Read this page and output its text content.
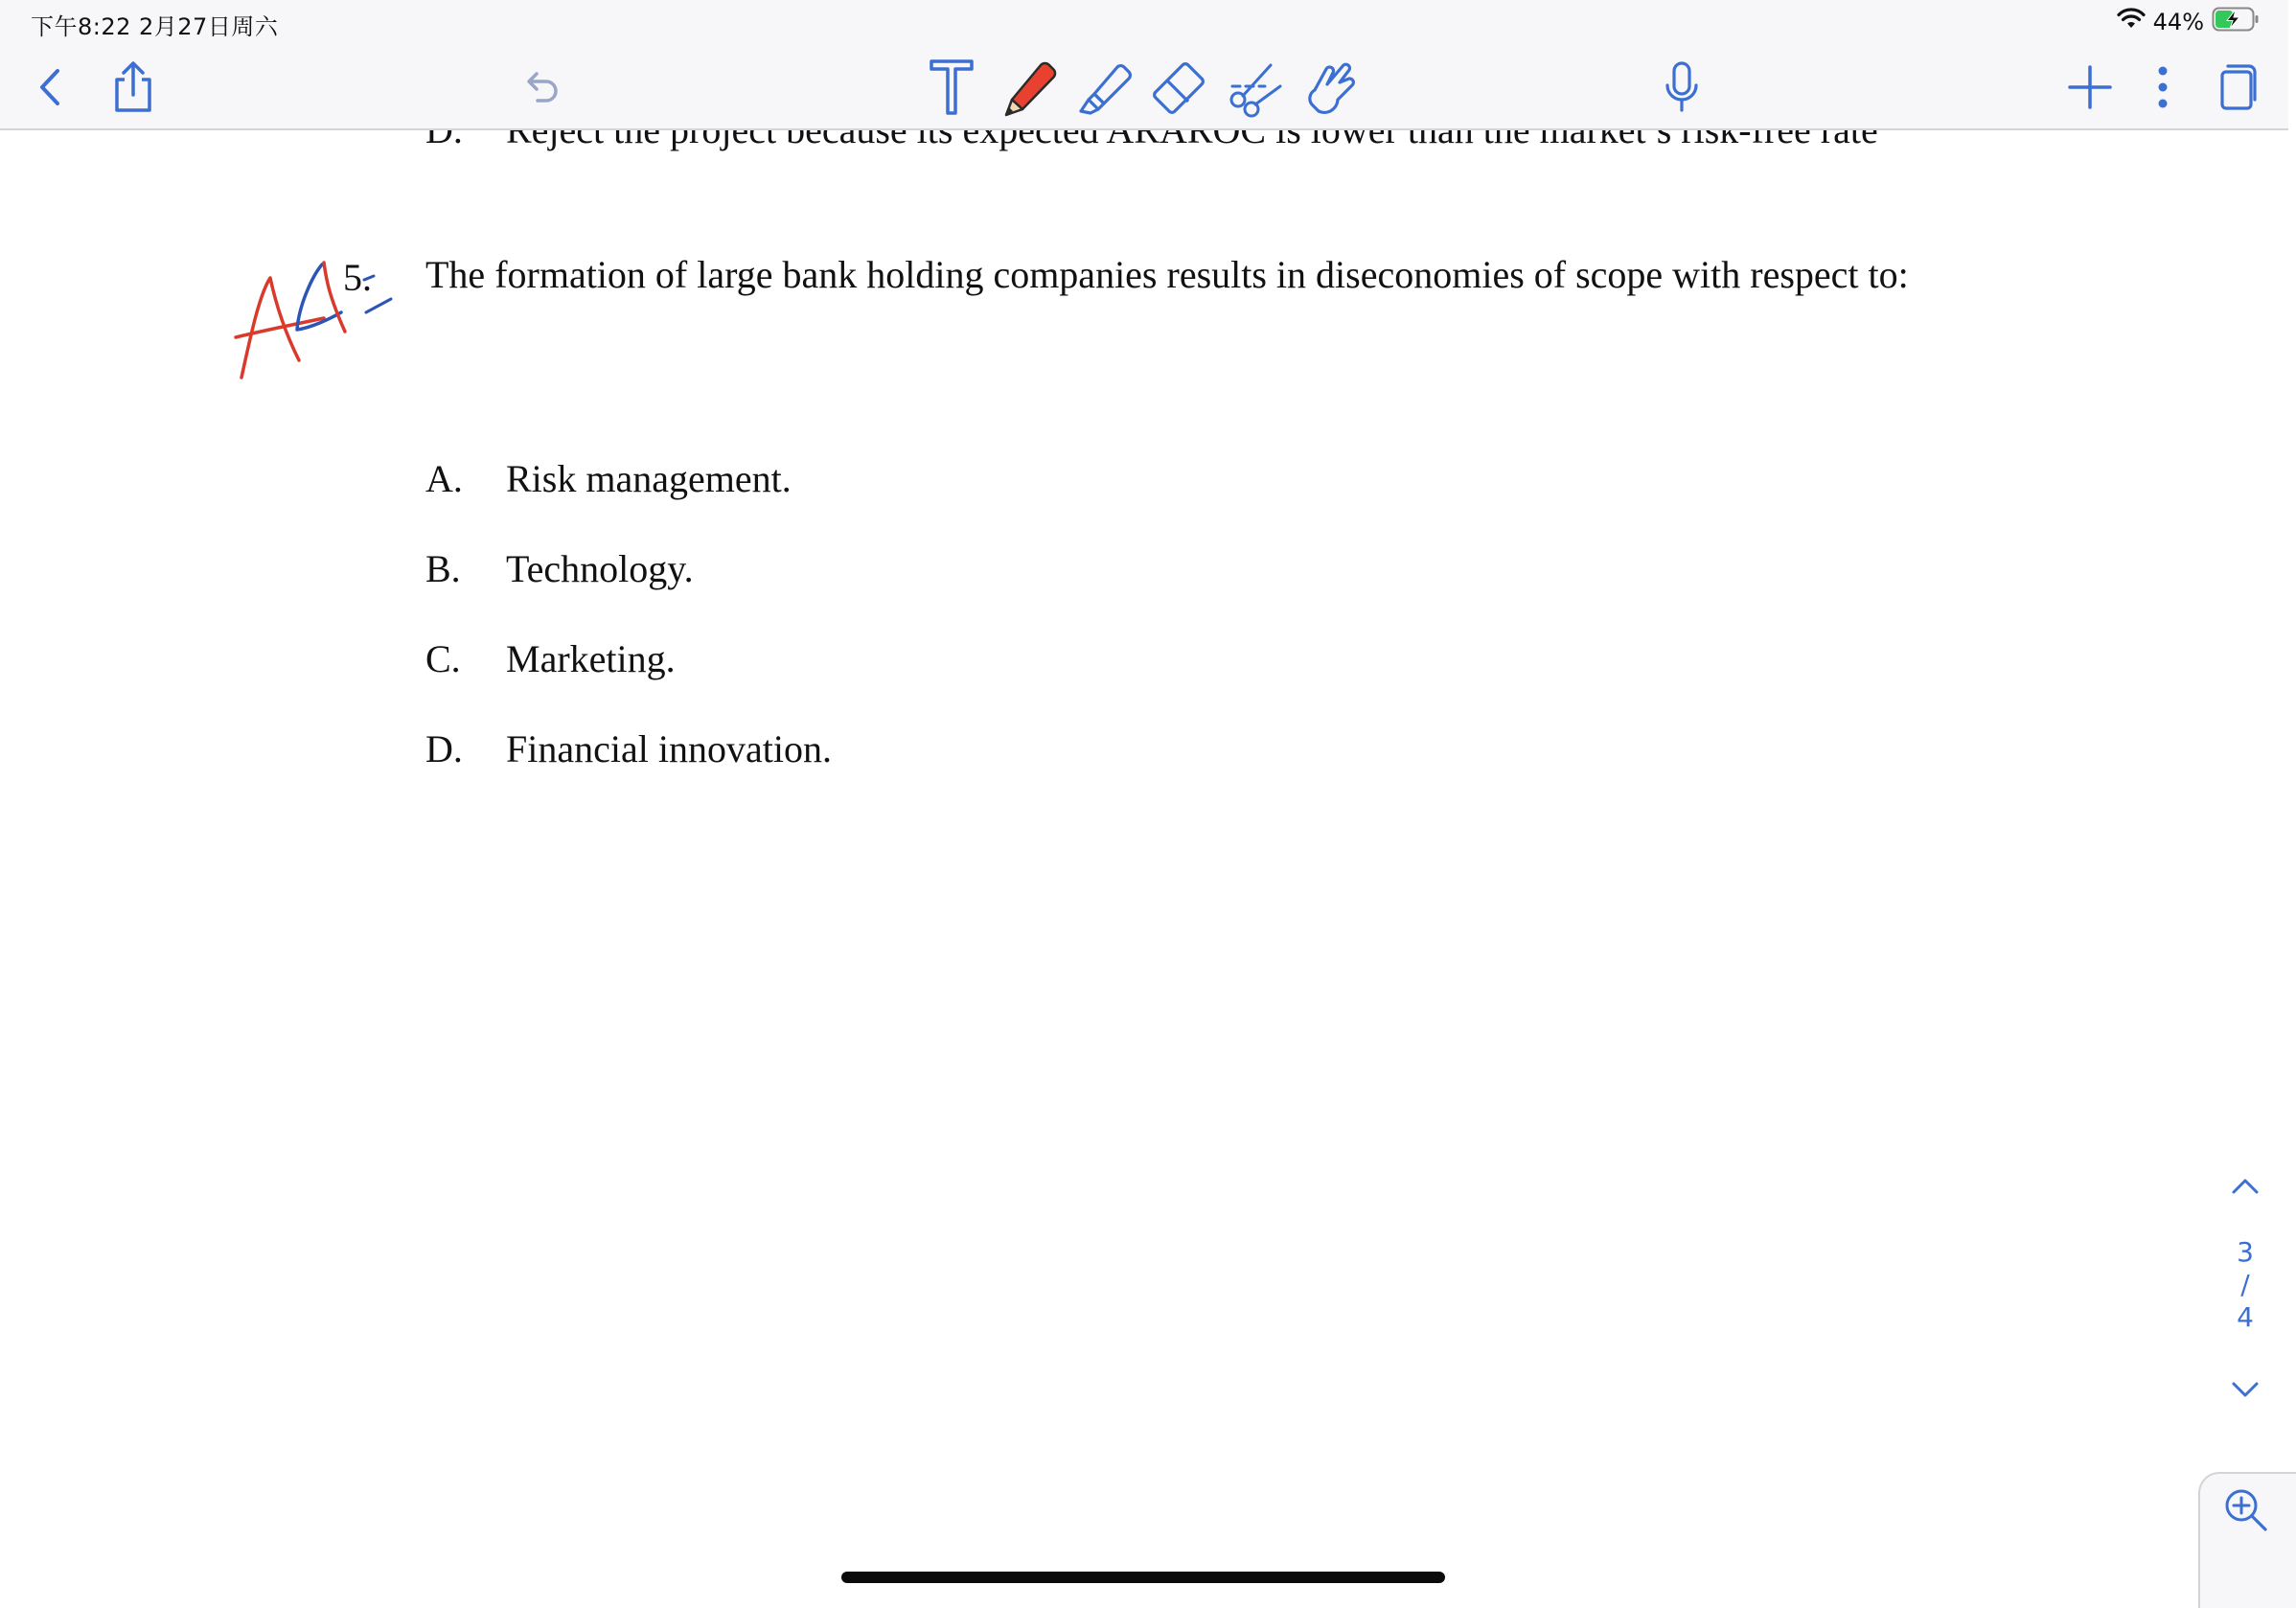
下午8:22 2月27日周六	44%
5. The formation of large bank holding companies results in diseconomies of scope with respect to:
A.	Risk management.
B.	Technology.
C.	Marketing.
D.	Financial innovation.
3
/
4
